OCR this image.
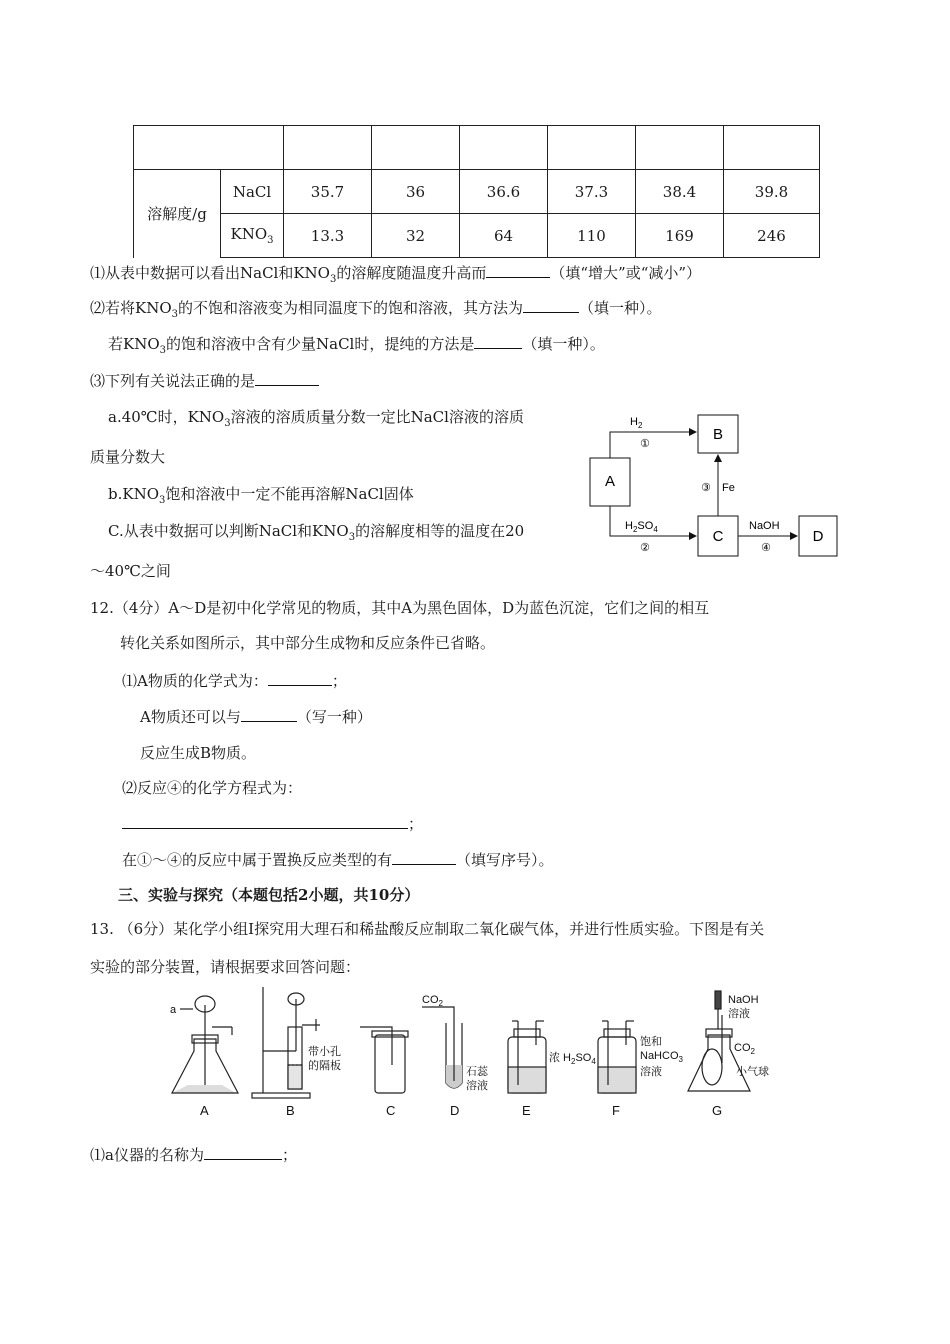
溶解度/g	NaCl	35.7	36	36.6	37.3	38.4	39.8
	$KNO_3$	13.3	32	64	110	169	246
⑴从表中数据可以看出NaCl和$KNO_3$的溶解度随温度升高而	（填“增大”或“减小”）
⑵若将$KNO_3$的不饱和溶液变为相同温度下的饱和溶液，其方法为	（填一种）。
若$KNO_3$的饱和溶液中含有少量NaCl时，提纯的方法是	（填一种）。
⑶下列有关说法正确的是
a.40℃时，$KNO_3$溶液的溶质质量分数一定比NaCl溶液的溶质
质量分数大
$b.KNO_3$饱和溶液中一定不能再溶解NaCl固体
C.从表中数据可以判断NaCl和$KNO_3$的溶解度相等的温度在20
～40℃之间
A
B
C	D
$H_2$
①
$H_2SO_4$
②
③ Fe
NaOH
④
12.（4分）A～D是初中化学常见的物质，其中A为黑色固体，D为蓝色沉淀，它们之间的相互
转化关系如图所示，其中部分生成物和反应条件已省略。
⑴A物质的化学式为：	；
A物质还可以与	（写一种）
反应生成B物质。
⑵反应④的化学方程式为：
；
在①～④的反应中属于置换反应类型的有	（填写序号）。
三、实验与探究（本题包括2小题，共10分）
13. （6分）某化学小组Ⅰ探究用大理石和稀盐酸反应制取二氧化碳气体，并进行性质实验。下图是有关
实验的部分装置，请根据要求回答问题：
A	B	C	D	E	F	G
a
带小孔
的隔板
$CO_2$
石蕊
溶液
浓 $H_2SO_4$
饱和
NaHCO$_3$
溶液
NaOH
溶液
$CO_2$
小气球
⑴a仪器的名称为	；
